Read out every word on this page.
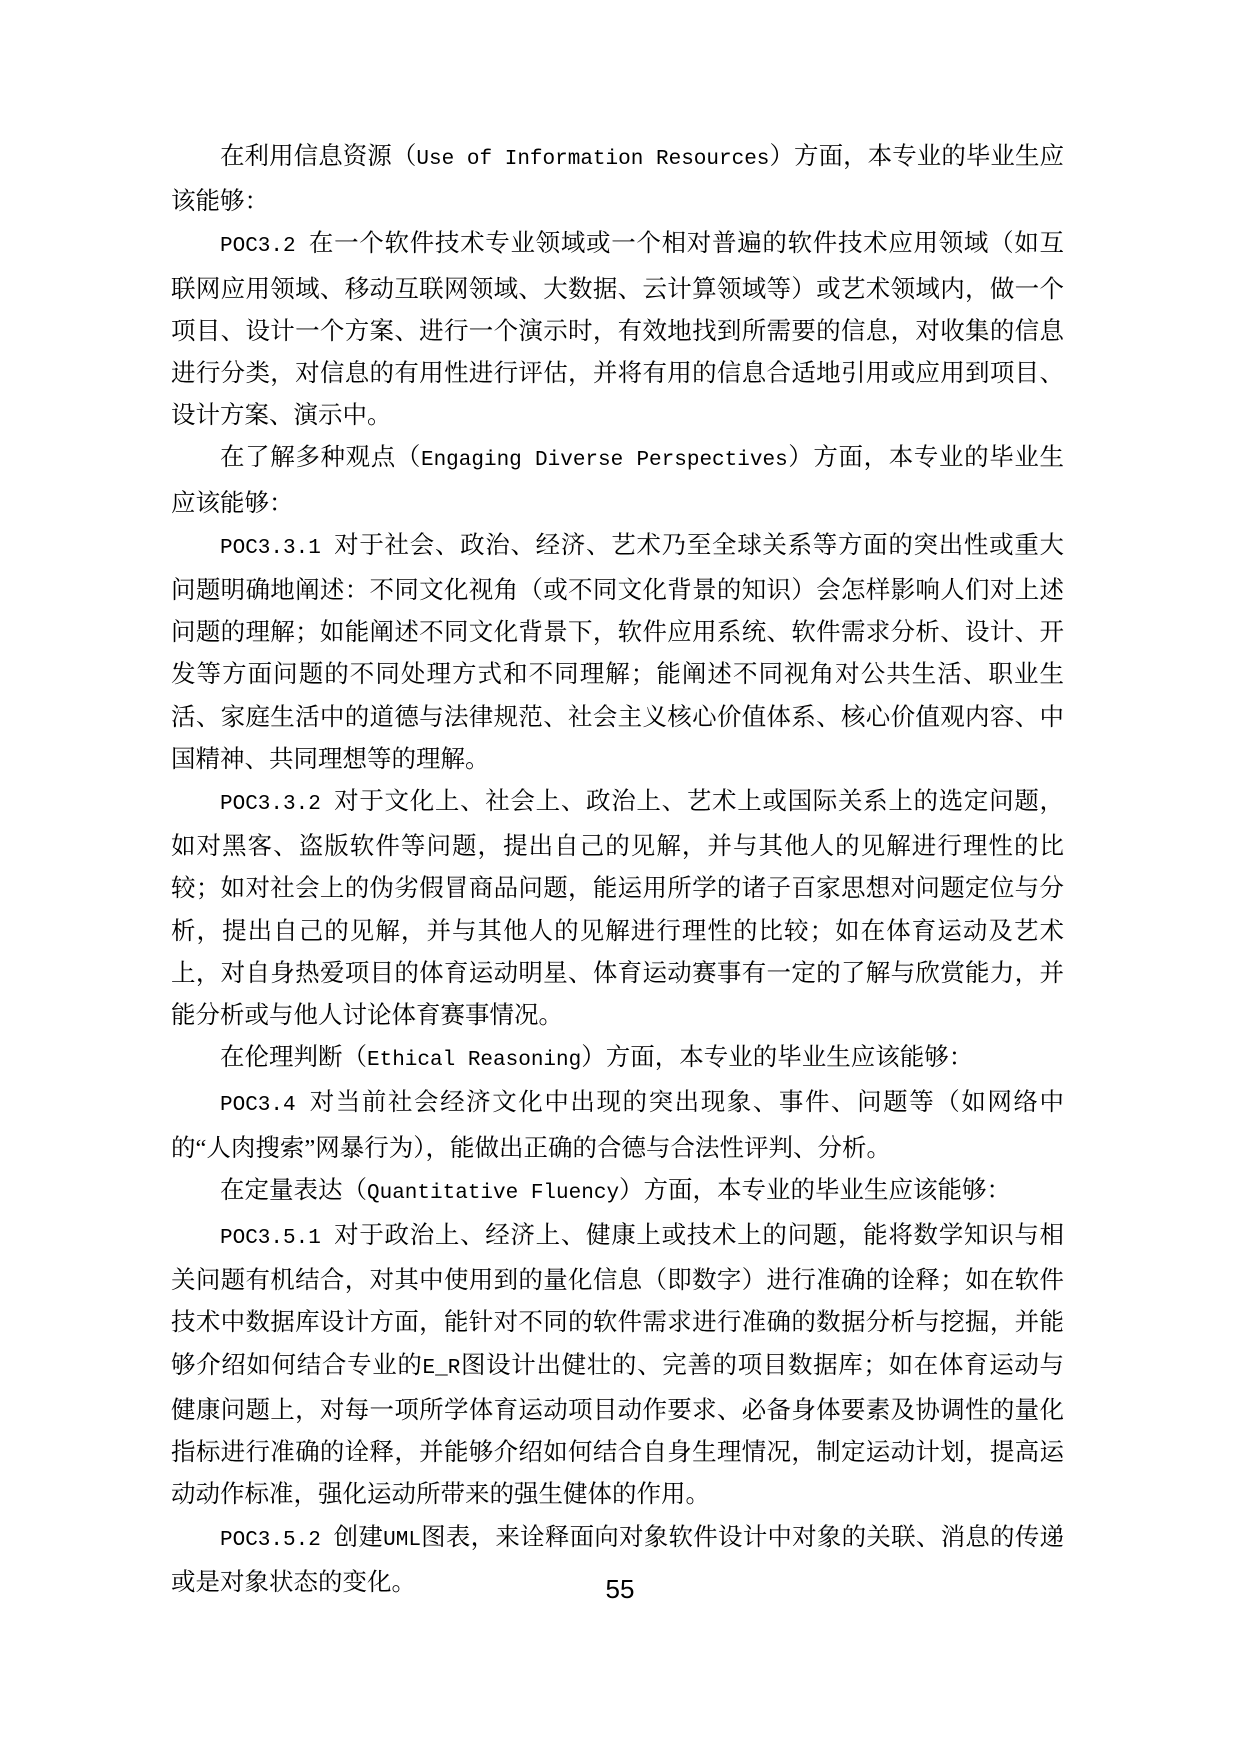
在利用信息资源（Use of Information Resources）方面，本专业的毕业生应该能够：

POC3.2 在一个软件技术专业领域或一个相对普遍的软件技术应用领域（如互联网应用领域、移动互联网领域、大数据、云计算领域等）或艺术领域内，做一个项目、设计一个方案、进行一个演示时，有效地找到所需要的信息，对收集的信息进行分类，对信息的有用性进行评估，并将有用的信息合适地引用或应用到项目、设计方案、演示中。

在了解多种观点（Engaging Diverse Perspectives）方面，本专业的毕业生应该能够：

POC3.3.1 对于社会、政治、经济、艺术乃至全球关系等方面的突出性或重大问题明确地阐述：不同文化视角（或不同文化背景的知识）会怎样影响人们对上述问题的理解；如能阐述不同文化背景下，软件应用系统、软件需求分析、设计、开发等方面问题的不同处理方式和不同理解；能阐述不同视角对公共生活、职业生活、家庭生活中的道德与法律规范、社会主义核心价值体系、核心价值观内容、中国精神、共同理想等的理解。

POC3.3.2 对于文化上、社会上、政治上、艺术上或国际关系上的选定问题，如对黑客、盗版软件等问题，提出自己的见解，并与其他人的见解进行理性的比较；如对社会上的伪劣假冒商品问题，能运用所学的诸子百家思想对问题定位与分析，提出自己的见解，并与其他人的见解进行理性的比较；如在体育运动及艺术上，对自身热爱项目的体育运动明星、体育运动赛事有一定的了解与欣赏能力，并能分析或与他人讨论体育赛事情况。

在伦理判断（Ethical Reasoning）方面，本专业的毕业生应该能够：

POC3.4 对当前社会经济文化中出现的突出现象、事件、问题等（如网络中的“人肉搜索”网暴行为），能做出正确的合德与合法性评判、分析。

在定量表达（Quantitative Fluency）方面，本专业的毕业生应该能够：

POC3.5.1 对于政治上、经济上、健康上或技术上的问题，能将数学知识与相关问题有机结合，对其中使用到的量化信息（即数字）进行准确的诠释；如在软件技术中数据库设计方面，能针对不同的软件需求进行准确的数据分析与挖掘，并能够介绍如何结合专业的E_R图设计出健壮的、完善的项目数据库；如在体育运动与健康问题上，对每一项所学体育运动项目动作要求、必备身体要素及协调性的量化指标进行准确的诠释，并能够介绍如何结合自身生理情况，制定运动计划，提高运动动作标准，强化运动所带来的强生健体的作用。

POC3.5.2 创建UML图表，来诠释面向对象软件设计中对象的关联、消息的传递或是对象状态的变化。	55
